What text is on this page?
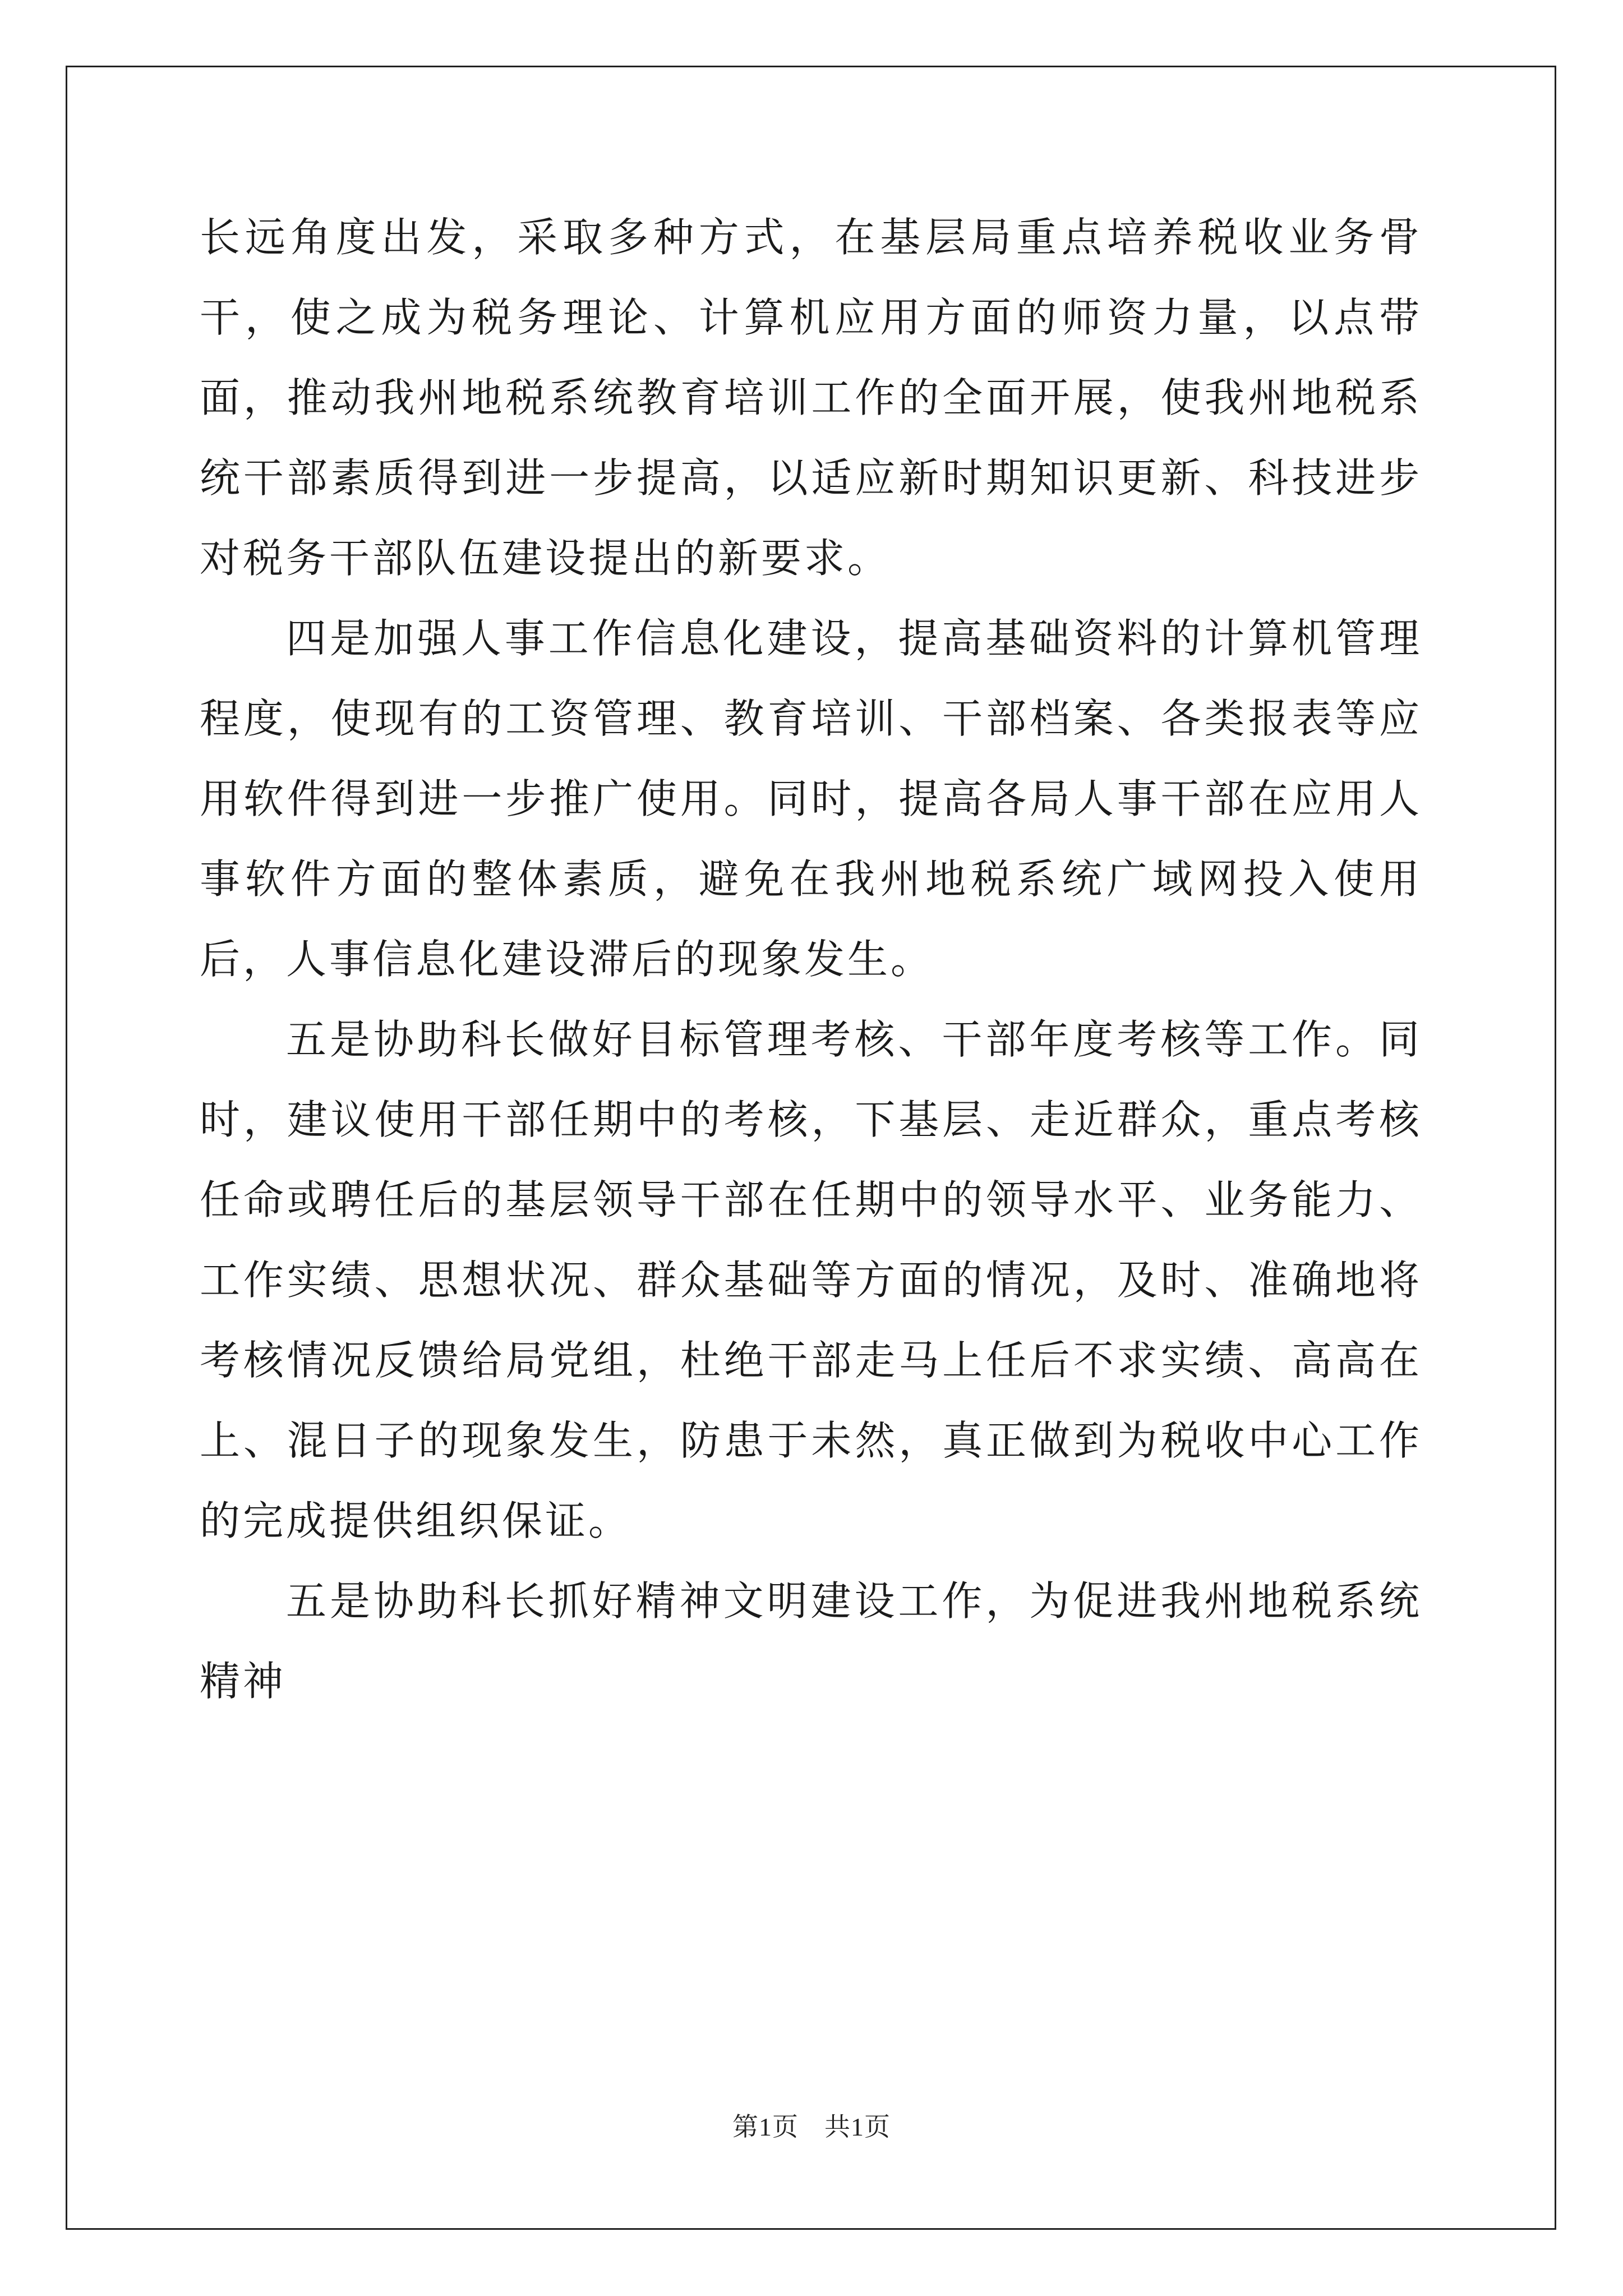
长远角度出发，采取多种方式，在基层局重点培养税收业务骨干，使之成为税务理论、计算机应用方面的师资力量，以点带面，推动我州地税系统教育培训工作的全面开展，使我州地税系统干部素质得到进一步提高，以适应新时期知识更新、科技进步对税务干部队伍建设提出的新要求。

四是加强人事工作信息化建设，提高基础资料的计算机管理程度，使现有的工资管理、教育培训、干部档案、各类报表等应用软件得到进一步推广使用。同时，提高各局人事干部在应用人事软件方面的整体素质，避免在我州地税系统广域网投入使用后，人事信息化建设滞后的现象发生。

五是协助科长做好目标管理考核、干部年度考核等工作。同时，建议使用干部任期中的考核，下基层、走近群众，重点考核任命或聘任后的基层领导干部在任期中的领导水平、业务能力、工作实绩、思想状况、群众基础等方面的情况，及时、准确地将考核情况反馈给局党组，杜绝干部走马上任后不求实绩、高高在上、混日子的现象发生，防患于未然，真正做到为税收中心工作的完成提供组织保证。

五是协助科长抓好精神文明建设工作，为促进我州地税系统精神

第1页 共1页
